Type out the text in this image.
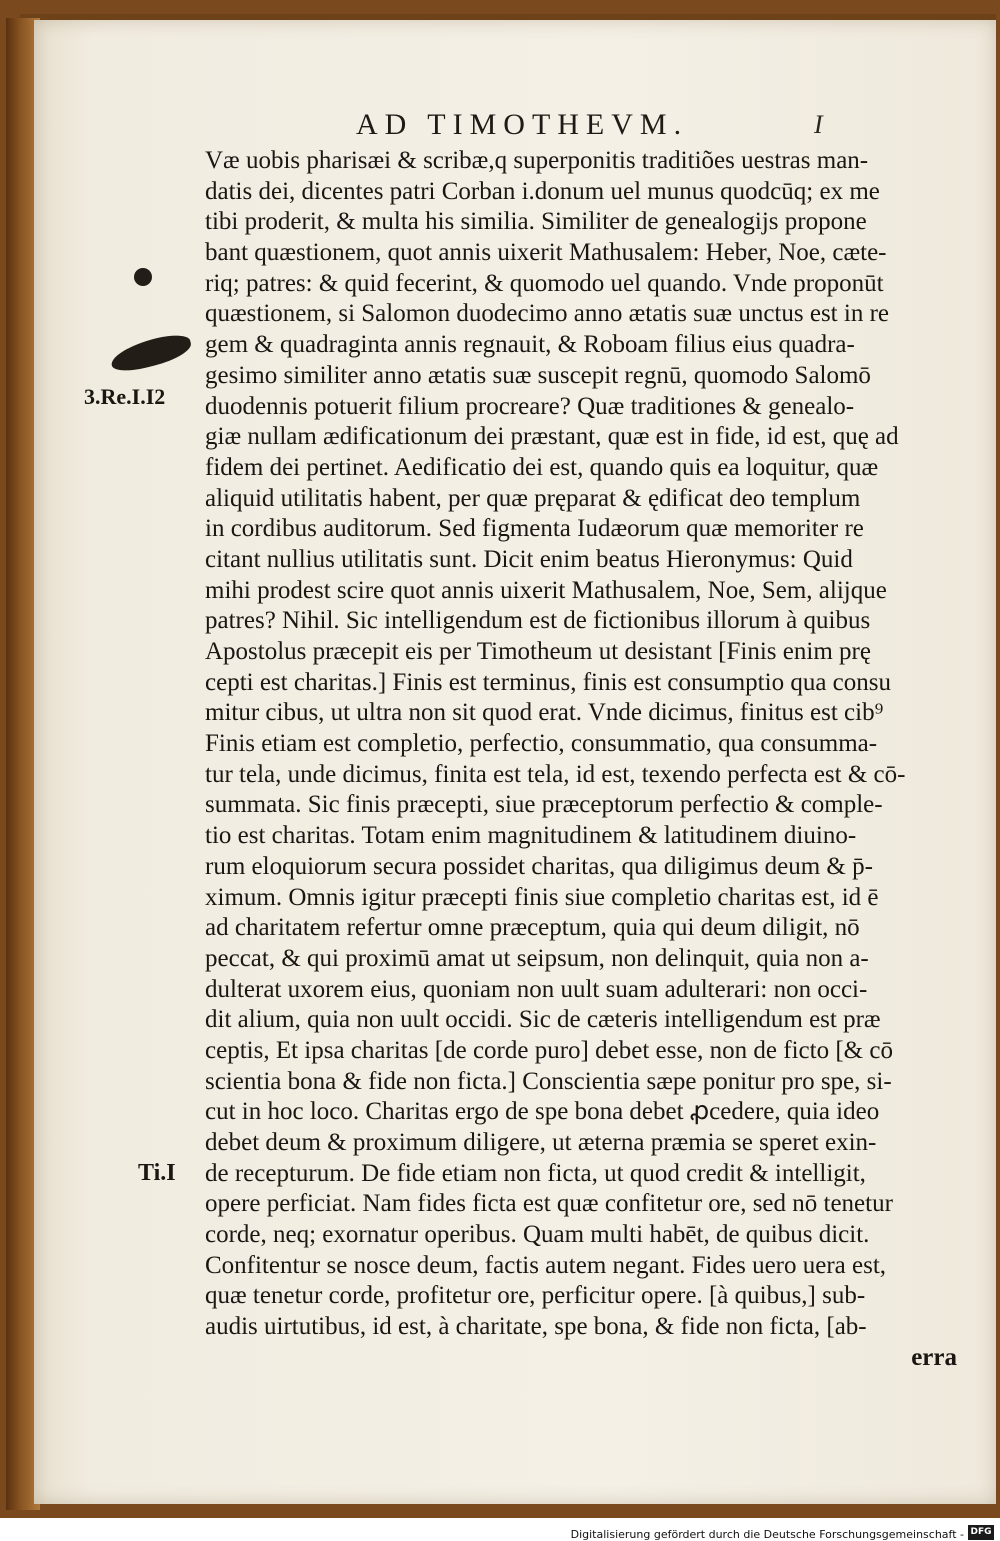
AD TIMOTHEVM.	I
3.Re.I.I2
Ti.I
Væ uobis pharisæi & scribæ,q superponitis traditiões uestras man-
datis dei, dicentes patri Corban i.donum uel munus quodcūq; ex me
tibi proderit, & multa his similia. Similiter de genealogijs propone
bant quæstionem, quot annis uixerit Mathusalem: Heber, Noe, cæte-
riq; patres: & quid fecerint, & quomodo uel quando. Vnde proponūt
quæstionem, si Salomon duodecimo anno ætatis suæ unctus est in re
gem & quadraginta annis regnauit, & Roboam filius eius quadra-
gesimo similiter anno ætatis suæ suscepit regnū, quomodo Salomō
duodennis potuerit filium procreare? Quæ traditiones & genealo-
giæ nullam ædificationum dei præstant, quæ est in fide, id est, quę ad
fidem dei pertinet. Aedificatio dei est, quando quis ea loquitur, quæ
aliquid utilitatis habent, per quæ pręparat & ędificat deo templum
in cordibus auditorum. Sed figmenta Iudæorum quæ memoriter re
citant nullius utilitatis sunt. Dicit enim beatus Hieronymus: Quid
mihi prodest scire quot annis uixerit Mathusalem, Noe, Sem, alijque
patres? Nihil. Sic intelligendum est de fictionibus illorum à quibus
Apostolus præcepit eis per Timotheum ut desistant [Finis enim prę
cepti est charitas.] Finis est terminus, finis est consumptio qua consu
mitur cibus, ut ultra non sit quod erat. Vnde dicimus, finitus est cib⁹
Finis etiam est completio, perfectio, consummatio, qua consumma-
tur tela, unde dicimus, finita est tela, id est, texendo perfecta est & cō-
summata. Sic finis præcepti, siue præceptorum perfectio & comple-
tio est charitas. Totam enim magnitudinem & latitudinem diuino-
rum eloquiorum secura possidet charitas, qua diligimus deum & p̄-
ximum. Omnis igitur præcepti finis siue completio charitas est, id ē
ad charitatem refertur omne præceptum, quia qui deum diligit, nō
peccat, & qui proximū amat ut seipsum, non delinquit, quia non a-
dulterat uxorem eius, quoniam non uult suam adulterari: non occi-
dit alium, quia non uult occidi. Sic de cæteris intelligendum est præ
ceptis, Et ipsa charitas [de corde puro] debet esse, non de ficto [& cō
scientia bona & fide non ficta.] Conscientia sæpe ponitur pro spe, si-
cut in hoc loco. Charitas ergo de spe bona debet ꝓcedere, quia ideo
debet deum & proximum diligere, ut æterna præmia se speret exin-
de recepturum. De fide etiam non ficta, ut quod credit & intelligit,
opere perficiat. Nam fides ficta est quæ confitetur ore, sed nō tenetur
corde, neq; exornatur operibus. Quam multi habēt, de quibus dicit.
Confitentur se nosce deum, factis autem negant. Fides uero uera est,
quæ tenetur corde, profitetur ore, perficitur opere. [à quibus,] sub-
audis uirtutibus, id est, à charitate, spe bona, & fide non ficta, [ab-
erra
Digitalisierung gefördert durch die Deutsche Forschungsgemeinschaft - DFG
